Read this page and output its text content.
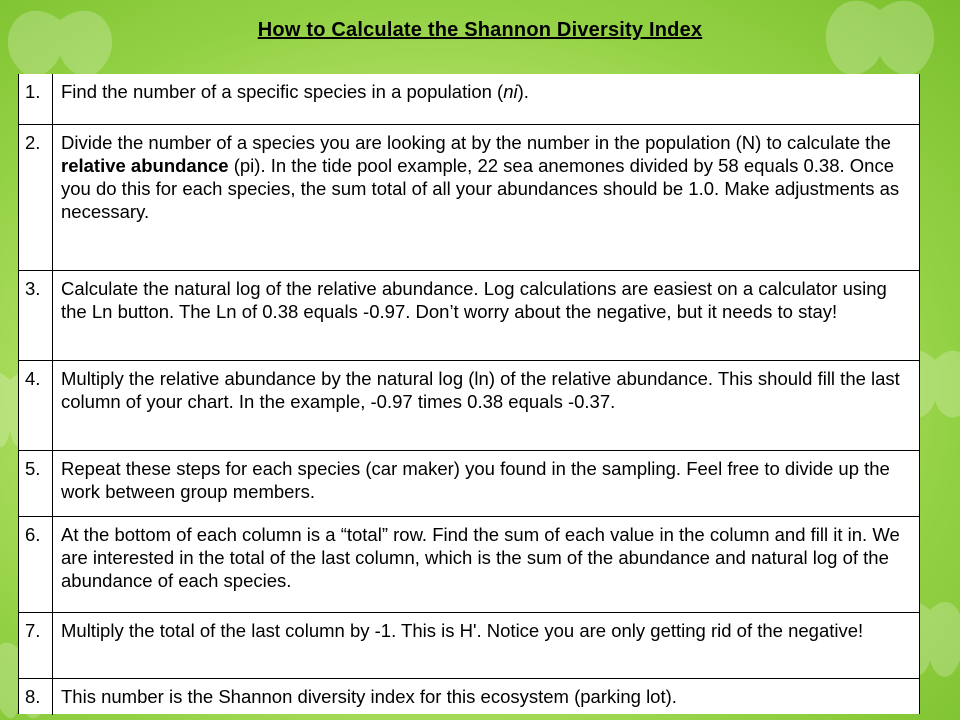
How to Calculate the Shannon Diversity Index
1.	Find the number of a specific species in a population (ni).
2.	Divide the number of a species you are looking at by the number in the population (N) to calculate the relative abundance (pi). In the tide pool example, 22 sea anemones divided by 58 equals 0.38. Once you do this for each species, the sum total of all your abundances should be 1.0. Make adjustments as necessary.
3.	Calculate the natural log of the relative abundance. Log calculations are easiest on a calculator using the Ln button. The Ln of 0.38 equals -0.97. Don’t worry about the negative, but it needs to stay!
4.	Multiply the relative abundance by the natural log (ln) of the relative abundance. This should fill the last column of your chart. In the example, -0.97 times 0.38 equals -0.37.
5.	Repeat these steps for each species (car maker) you found in the sampling. Feel free to divide up the work between group members.
6.	At the bottom of each column is a “total” row. Find the sum of each value in the column and fill it in. We are interested in the total of the last column, which is the sum of the abundance and natural log of the abundance of each species.
7.	Multiply the total of the last column by -1. This is H'. Notice you are only getting rid of the negative!
8.	This number is the Shannon diversity index for this ecosystem (parking lot).
